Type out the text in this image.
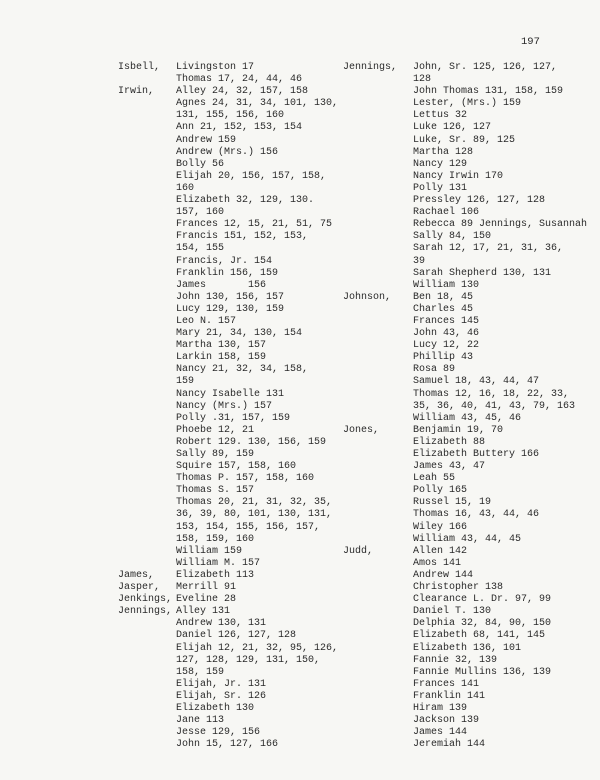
197
Isbell,	Livingston 17
Thomas 17, 24, 44, 46
Irwin,	Alley 24, 32, 157, 158
Agnes 24, 31, 34, 101, 130,
131, 155, 156, 160
Ann 21, 152, 153, 154
Andrew 159
Andrew (Mrs.) 156
Bolly 56
Elijah 20, 156, 157, 158,
160
Elizabeth 32, 129, 130.
157, 160
Frances 12, 15, 21, 51, 75
Francis 151, 152, 153,
154, 155
Francis, Jr. 154
Franklin 156, 159
James 156
John 130, 156, 157
Lucy 129, 130, 159
Leo N. 157
Mary 21, 34, 130, 154
Martha 130, 157
Larkin 158, 159
Nancy 21, 32, 34, 158,
159
Nancy Isabelle 131
Nancy (Mrs.) 157
Polly .31, 157, 159
Phoebe 12, 21
Robert 129. 130, 156, 159
Sally 89, 159
Squire 157, 158, 160
Thomas P. 157, 158, 160
Thomas S. 157
Thomas 20, 21, 31, 32, 35,
36, 39, 80, 101, 130, 131,
153, 154, 155, 156, 157,
158, 159, 160
William 159
William M. 157
James,	Elizabeth 113
Jasper,	Merrill 91
Jenkings, Eveline 28
Jennings, Alley 131
Andrew 130, 131
Daniel 126, 127, 128
Elijah 12, 21, 32, 95, 126,
127, 128, 129, 131, 150,
158, 159
Elijah, Jr. 131
Elijah, Sr. 126
Elizabeth 130
Jane 113
Jesse 129, 156
John 15, 127, 166
Jennings,	John, Sr. 125, 126, 127,
128
John Thomas 131, 158, 159
Lester, (Mrs.) 159
Lettus 32
Luke 126, 127
Luke, Sr. 89, 125
Martha 128
Nancy 129
Nancy Irwin 170
Polly 131
Pressley 126, 127, 128
Rachael 106
Rebecca 89 Jennings, Susannah
Sally 84, 150
Sarah 12, 17, 21, 31, 36,
39
Sarah Shepherd 130, 131
William 130
Johnson,	Ben 18, 45
Charles 45
Frances 145
John 43, 46
Lucy 12, 22
Phillip 43
Rosa 89
Samuel 18, 43, 44, 47
Thomas 12, 16, 18, 22, 33,
35, 36, 40, 41, 43, 79, 163
William 43, 45, 46
Jones,	Benjamin 19, 70
Elizabeth 88
Elizabeth Buttery 166
James 43, 47
Leah 55
Polly 165
Russel 15, 19
Thomas 16, 43, 44, 46
Wiley 166
William 43, 44, 45
Judd,	Allen 142
Amos 141
Andrew 144
Christopher 138
Clearance L. Dr. 97, 99
Daniel T. 130
Delphia 32, 84, 90, 150
Elizabeth 68, 141, 145
Elizabeth 136, 101
Fannie 32, 139
Fannie Mullins 136, 139
Frances 141
Franklin 141
Hiram 139
Jackson 139
James 144
Jeremiah 144
